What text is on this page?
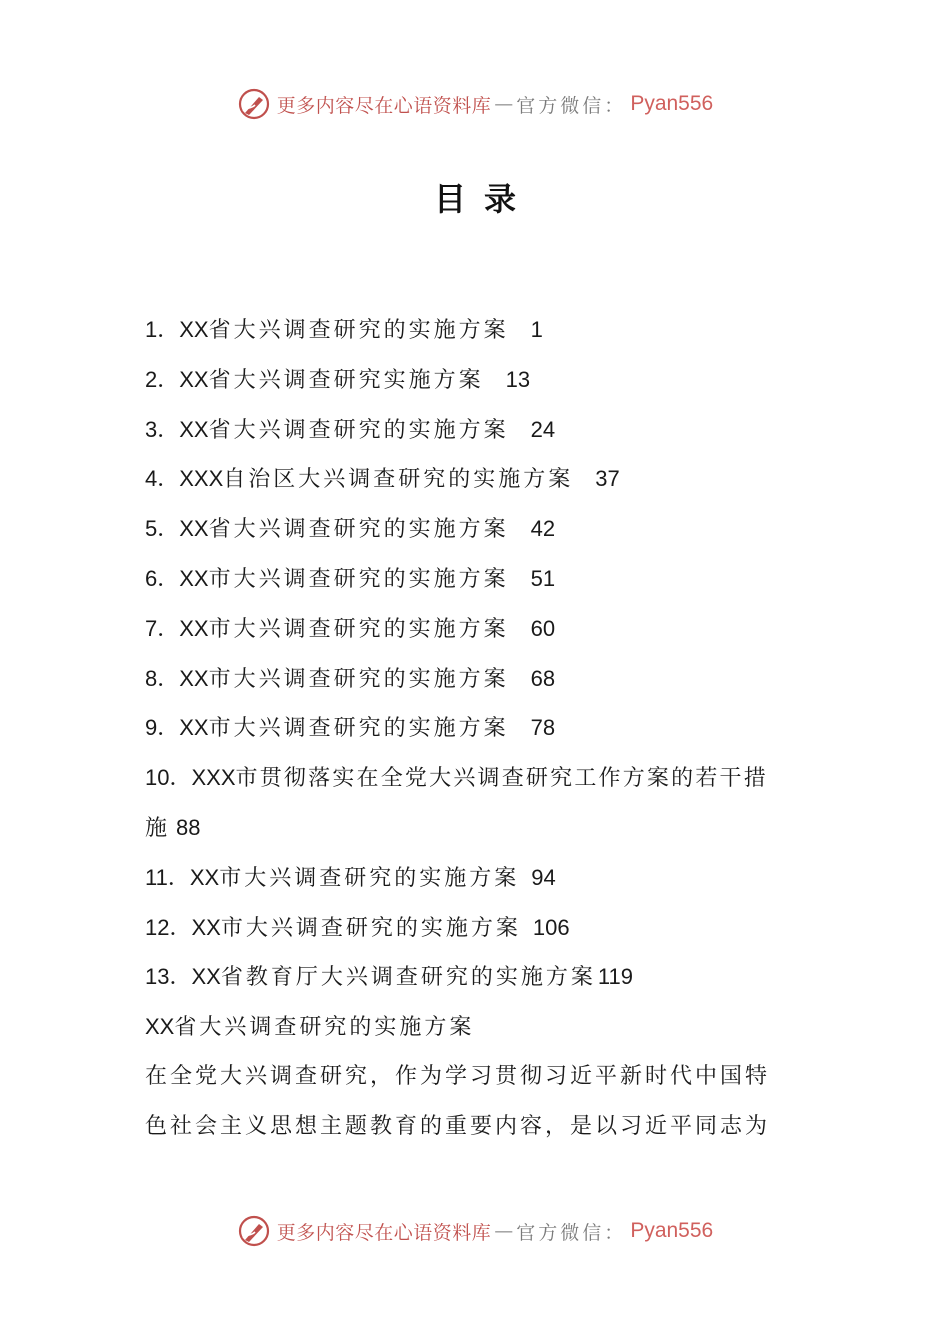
更多内容尽在心语资料库 — 官方微信： Pyan556
目录
1．XX省大兴调查研究的实施方案 1
2．XX省大兴调查研究实施方案 13
3．XX省大兴调查研究的实施方案 24
4．XXX自治区大兴调查研究的实施方案 37
5．XX省大兴调查研究的实施方案 42
6．XX市大兴调查研究的实施方案 51
7．XX市大兴调查研究的实施方案 60
8．XX市大兴调查研究的实施方案 68
9．XX市大兴调查研究的实施方案 78
10．XXX市贯彻落实在全党大兴调查研究工作方案的若干措
施 88
11．XX市大兴调查研究的实施方案 94
12．XX市大兴调查研究的实施方案 106
13．XX省教育厅大兴调查研究的实施方案119
XX省大兴调查研究的实施方案
在全党大兴调查研究，作为学习贯彻习近平新时代中国特
色社会主义思想主题教育的重要内容，是以习近平同志为
更多内容尽在心语资料库 — 官方微信： Pyan556
